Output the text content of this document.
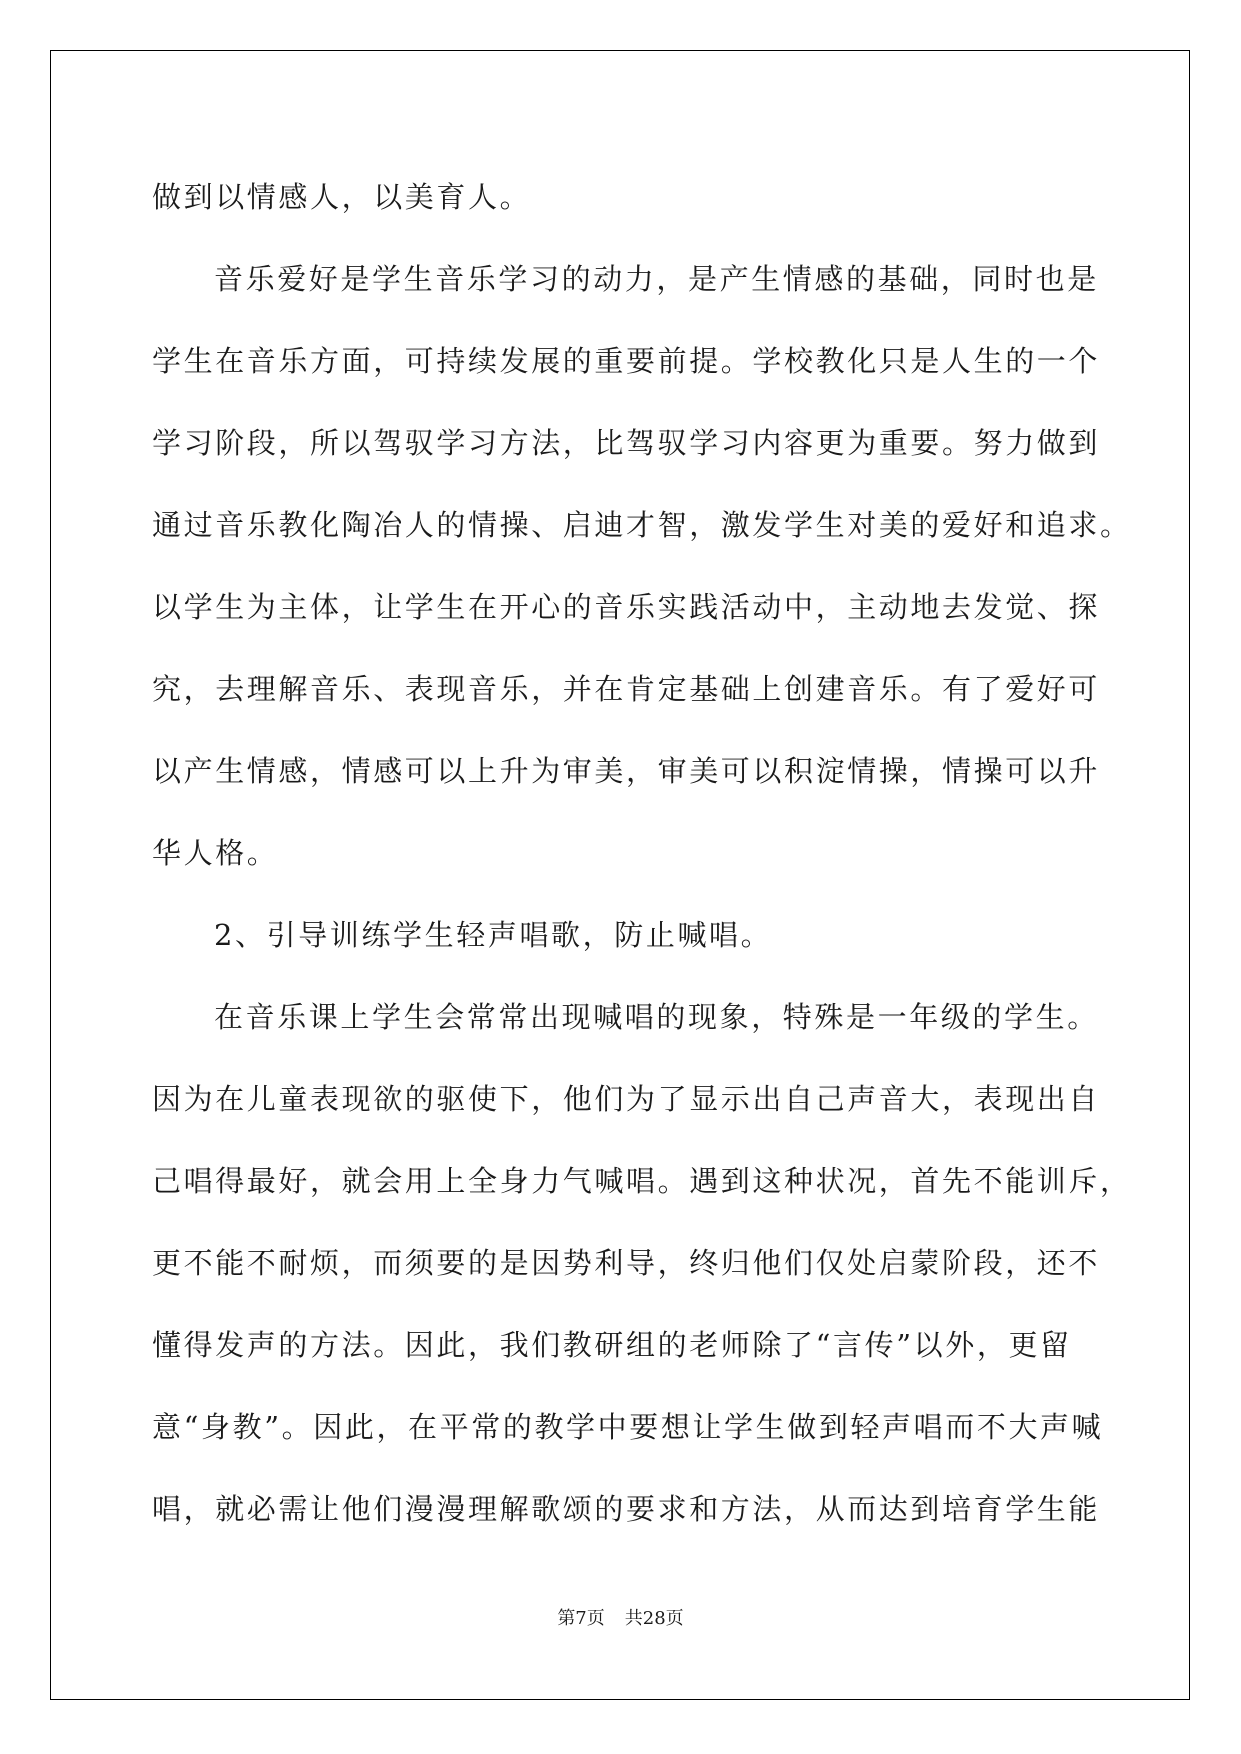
做到以情感人，以美育人。
音乐爱好是学生音乐学习的动力，是产生情感的基础，同时也是
学生在音乐方面，可持续发展的重要前提。学校教化只是人生的一个
学习阶段，所以驾驭学习方法，比驾驭学习内容更为重要。努力做到
通过音乐教化陶冶人的情操、启迪才智，激发学生对美的爱好和追求。
以学生为主体，让学生在开心的音乐实践活动中，主动地去发觉、探
究，去理解音乐、表现音乐，并在肯定基础上创建音乐。有了爱好可
以产生情感，情感可以上升为审美，审美可以积淀情操，情操可以升
华人格。
2、引导训练学生轻声唱歌，防止喊唱。
在音乐课上学生会常常出现喊唱的现象，特殊是一年级的学生。
因为在儿童表现欲的驱使下，他们为了显示出自己声音大，表现出自
己唱得最好，就会用上全身力气喊唱。遇到这种状况，首先不能训斥，
更不能不耐烦，而须要的是因势利导，终归他们仅处启蒙阶段，还不
懂得发声的方法。因此，我们教研组的老师除了“言传”以外，更留
意“身教”。因此，在平常的教学中要想让学生做到轻声唱而不大声喊
唱，就必需让他们漫漫理解歌颂的要求和方法，从而达到培育学生能
第7页 共28页
